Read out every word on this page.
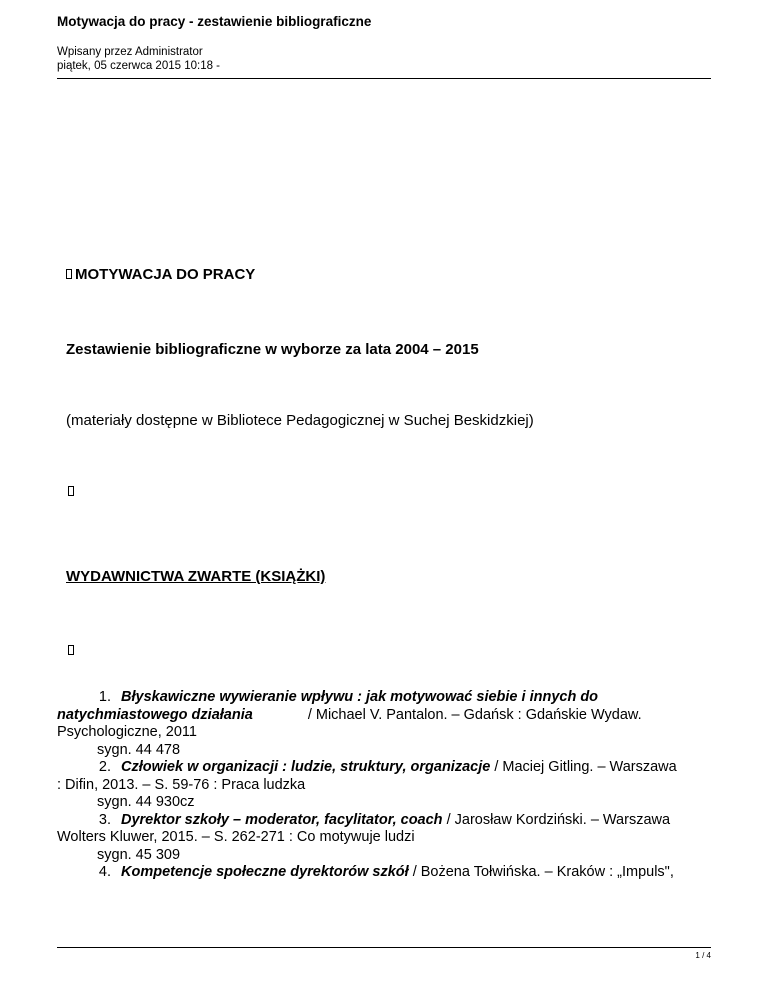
Motywacja do pracy - zestawienie bibliograficzne
Wpisany przez Administrator
piątek, 05 czerwca 2015 10:18 -
MOTYWACJA DO PRACY
Zestawienie bibliograficzne w wyborze za lata 2004 – 2015
(materiały dostępne w Bibliotece Pedagogicznej w Suchej Beskidzkiej)
WYDAWNICTWA ZWARTE (KSIĄŻKI)
1. Błyskawiczne wywieranie wpływu : jak motywować siebie i innych do
natychmiastowego działania	/ Michael V. Pantalon. – Gdańsk : Gdańskie Wydaw.
Psychologiczne, 2011
sygn. 44 478
2. Człowiek w organizacji : ludzie, struktury, organizacje / Maciej Gitling. – Warszawa
: Difin, 2013. – S. 59-76 : Praca ludzka
sygn. 44 930cz
3. Dyrektor szkoły – moderator, facylitator, coach / Jarosław Kordziński. – Warszawa
Wolters Kluwer, 2015. – S. 262-271 : Co motywuje ludzi
sygn. 45 309
4. Kompetencje społeczne dyrektorów szkół / Bożena Tołwińska. – Kraków : „Impuls",
1 / 4
